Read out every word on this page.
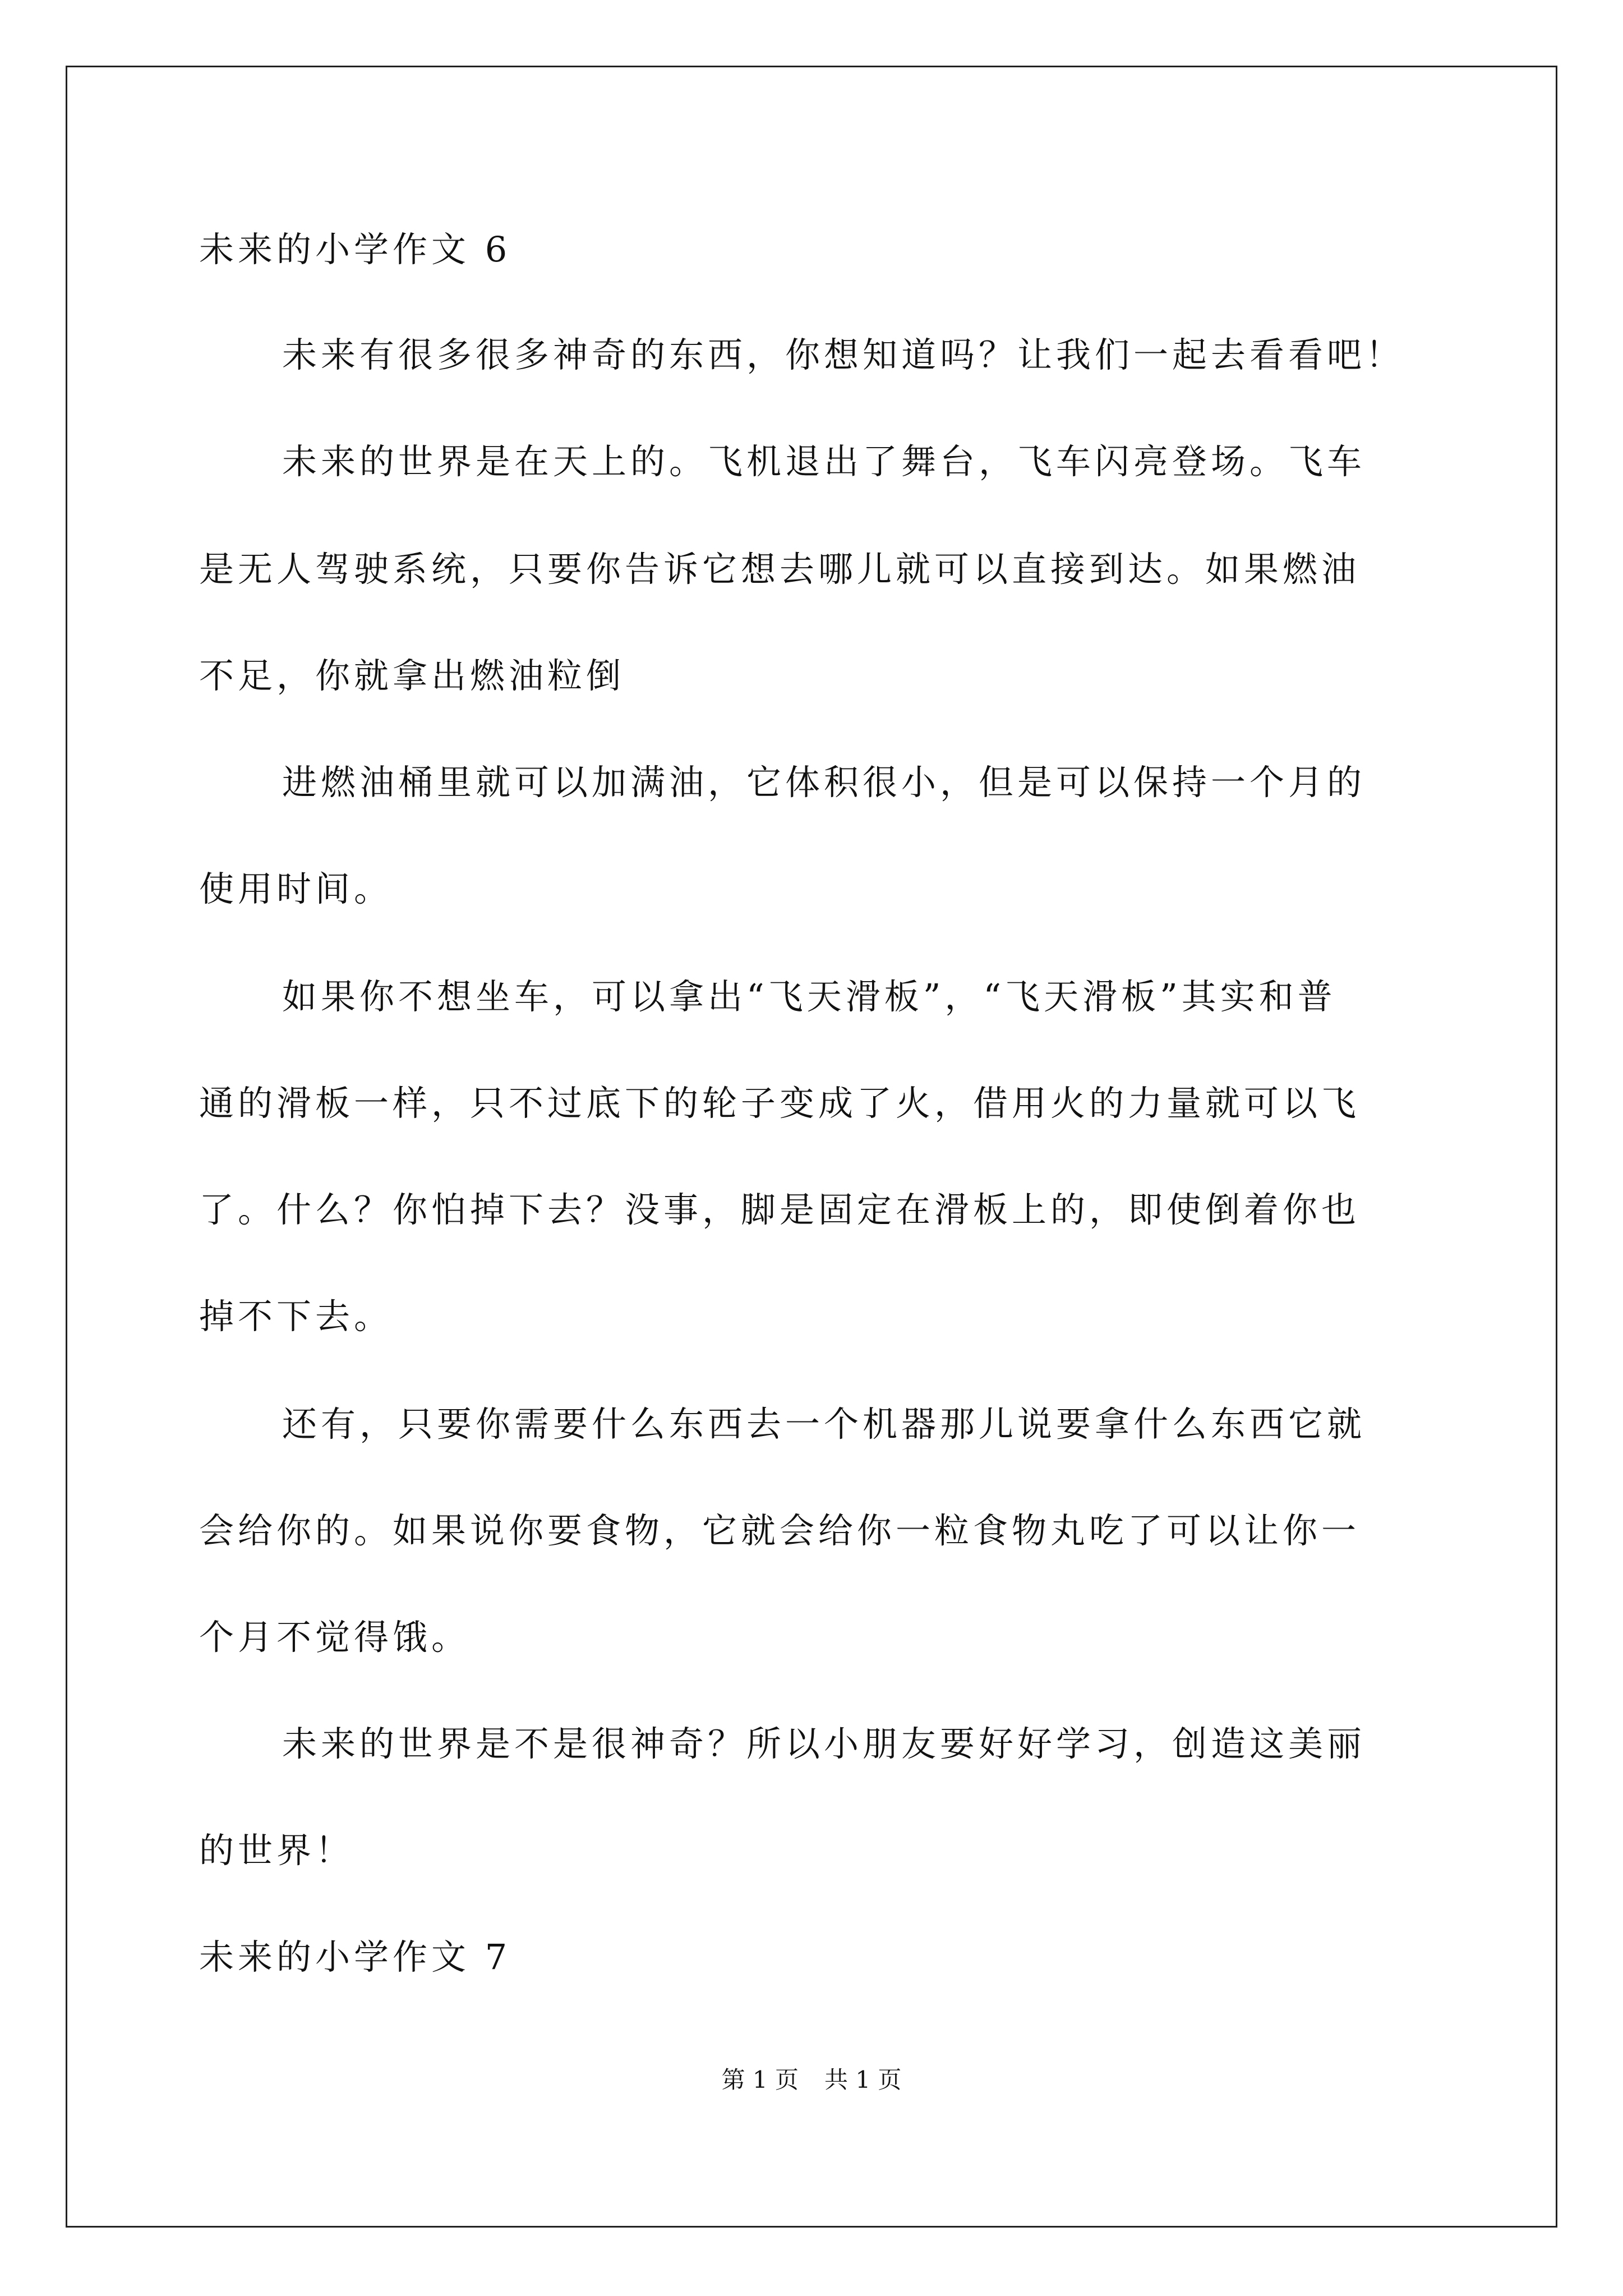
未来的小学作文 6
未来有很多很多神奇的东西，你想知道吗？让我们一起去看看吧！
未来的世界是在天上的。飞机退出了舞台，飞车闪亮登场。飞车
是无人驾驶系统，只要你告诉它想去哪儿就可以直接到达。如果燃油
不足，你就拿出燃油粒倒
进燃油桶里就可以加满油，它体积很小，但是可以保持一个月的
使用时间。
如果你不想坐车，可以拿出“飞天滑板”，“飞天滑板”其实和普
通的滑板一样，只不过底下的轮子变成了火，借用火的力量就可以飞
了。什么？你怕掉下去？没事，脚是固定在滑板上的，即使倒着你也
掉不下去。
还有，只要你需要什么东西去一个机器那儿说要拿什么东西它就
会给你的。如果说你要食物，它就会给你一粒食物丸吃了可以让你一
个月不觉得饿。
未来的世界是不是很神奇？所以小朋友要好好学习，创造这美丽
的世界！
未来的小学作文 7
第 1 页 共 1 页
